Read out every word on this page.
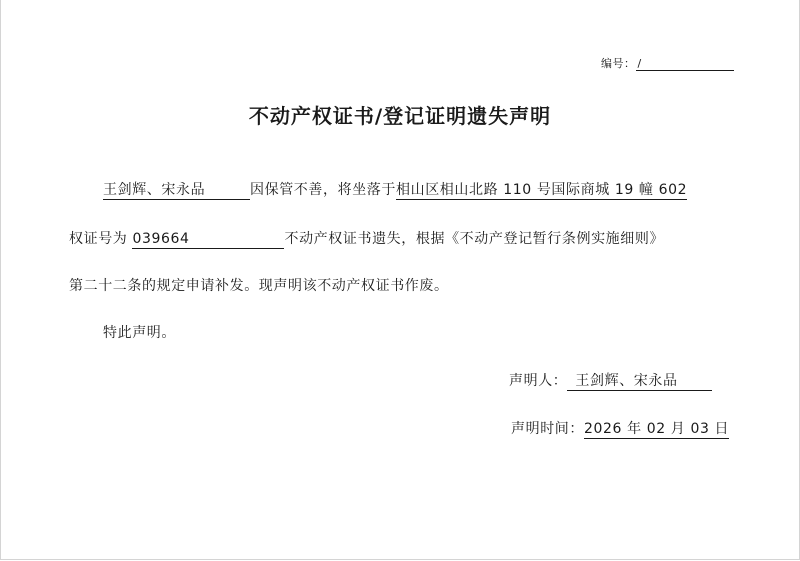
编号： /
不动产权证书/登记证明遗失声明
王剑辉、宋永品	因保管不善，将坐落于相山区相山北路 110 号国际商城 19 幢 602
权证号为 039664	不动产权证书遗失，根据《不动产登记暂行条例实施细则》
第二十二条的规定申请补发。现声明该不动产权证书作废。
特此声明。
声明人： 王剑辉、宋永品
声明时间：2026 年 02 月 03 日
